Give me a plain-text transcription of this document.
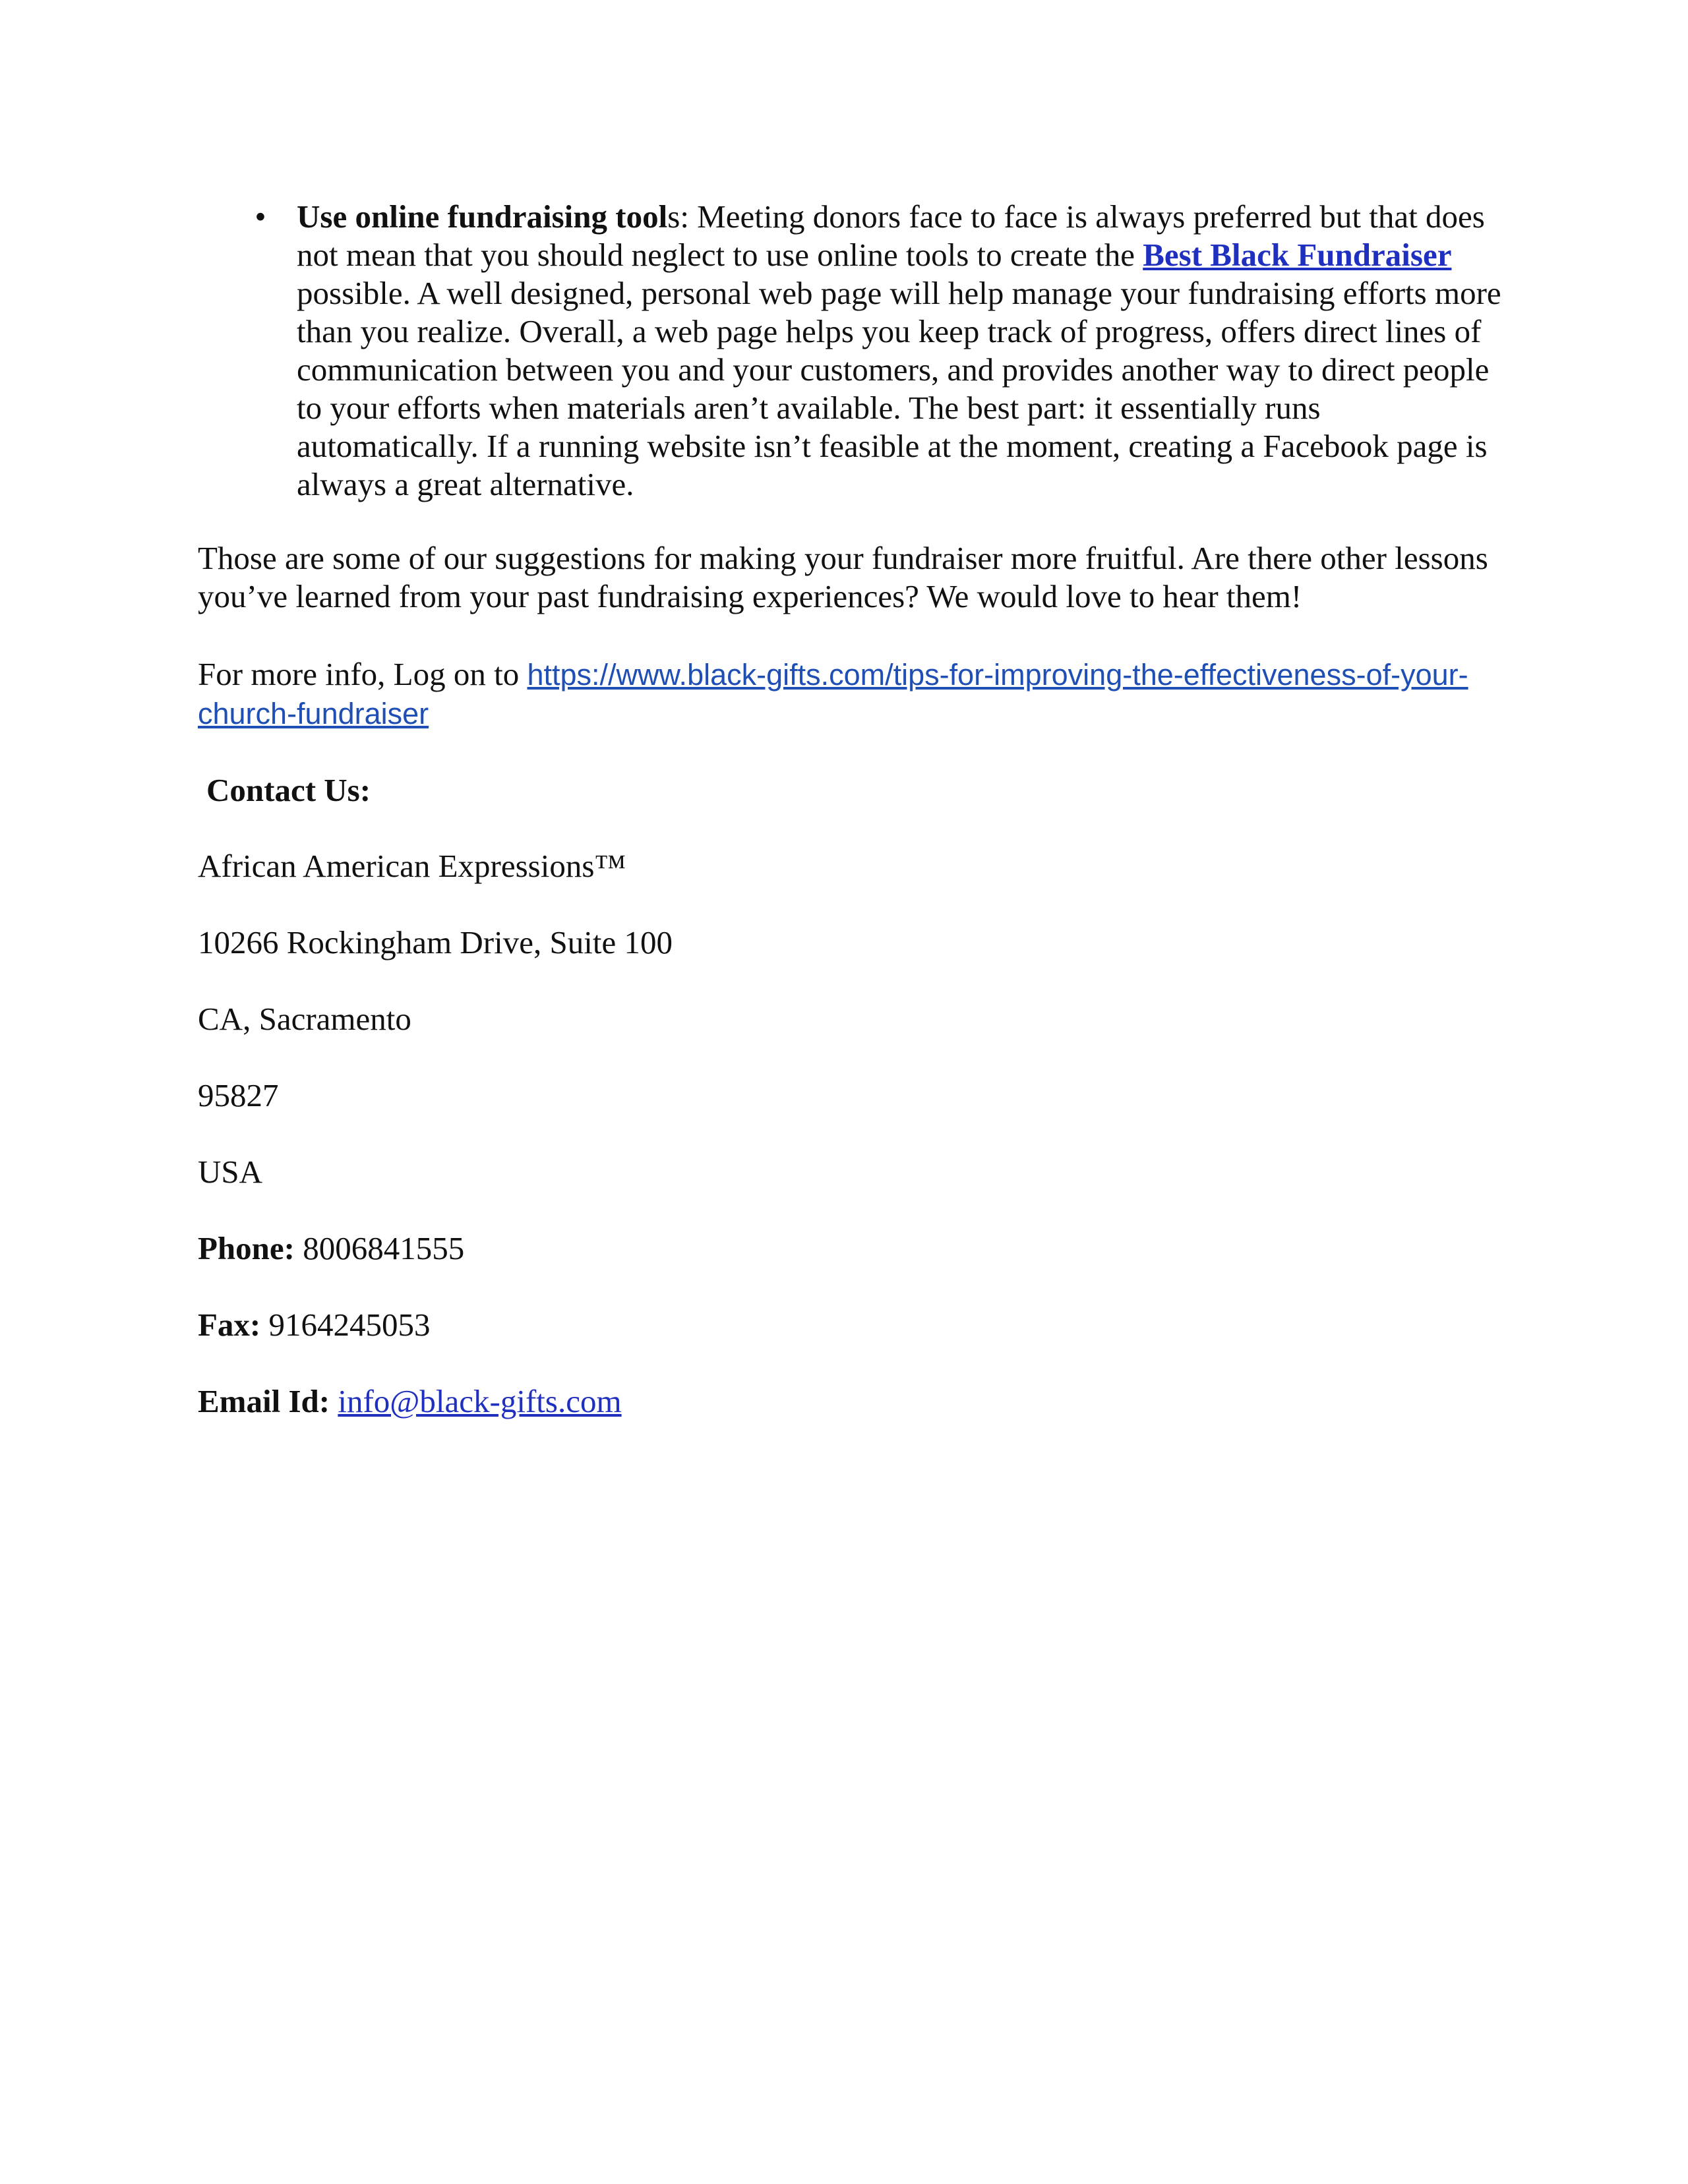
• Use online fundraising tools: Meeting donors face to face is always preferred but that does not mean that you should neglect to use online tools to create the Best Black Fundraiser possible. A well designed, personal web page will help manage your fundraising efforts more than you realize. Overall, a web page helps you keep track of progress, offers direct lines of communication between you and your customers, and provides another way to direct people to your efforts when materials aren’t available. The best part: it essentially runs automatically. If a running website isn’t feasible at the moment, creating a Facebook page is always a great alternative.

Those are some of our suggestions for making your fundraiser more fruitful. Are there other lessons you’ve learned from your past fundraising experiences? We would love to hear them!

For more info, Log on to https://www.black-gifts.com/tips-for-improving-the-effectiveness-of-your-church-fundraiser

Contact Us:

African American Expressions™

10266 Rockingham Drive, Suite 100

CA, Sacramento

95827

USA

Phone: 8006841555

Fax: 9164245053

Email Id: info@black-gifts.com
